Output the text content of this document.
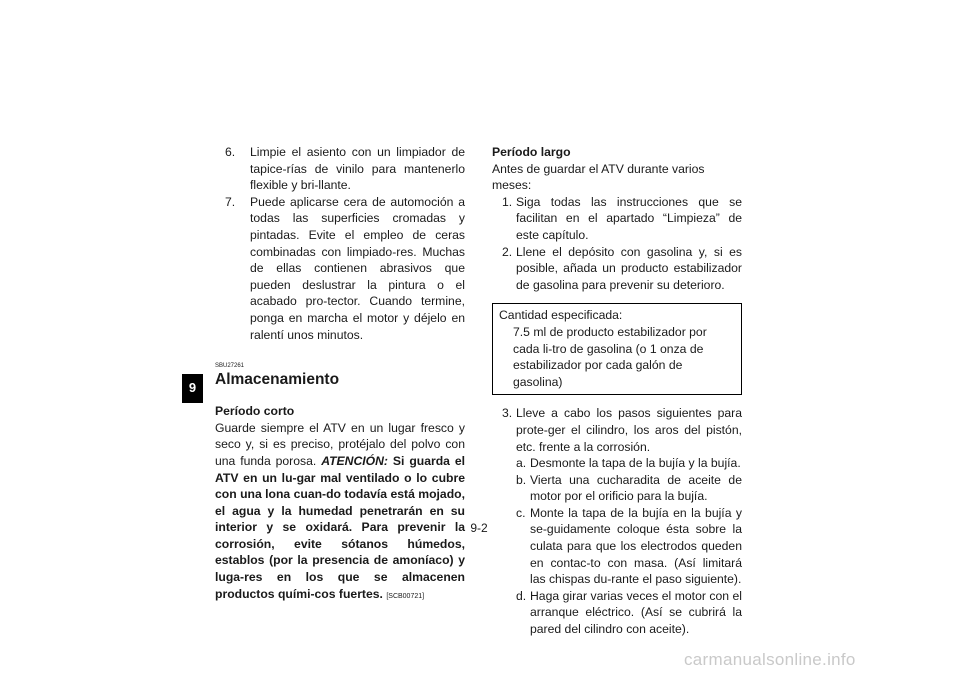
9
6.	Limpie el asiento con un limpiador de tapice-rías de vinilo para mantenerlo flexible y bri-llante.
7.	Puede aplicarse cera de automoción a todas las superficies cromadas y pintadas. Evite el empleo de ceras combinadas con limpiado-res. Muchas de ellas contienen abrasivos que pueden deslustrar la pintura o el acabado pro-tector. Cuando termine, ponga en marcha el motor y déjelo en ralentí unos minutos.
SBU27261
Almacenamiento

Período corto

Guarde siempre el ATV en un lugar fresco y seco y, si es preciso, protéjalo del polvo con una funda porosa. ATENCIÓN: Si guarda el ATV en un lu-gar mal ventilado o lo cubre con una lona cuan-do todavía está mojado, el agua y la humedad penetrarán en su interior y se oxidará. Para prevenir la corrosión, evite sótanos húmedos, establos (por la presencia de amoníaco) y luga-res en los que se almacenen productos quími-cos fuertes. [SCB00721]

Período largo

Antes de guardar el ATV durante varios meses:

1. Siga todas las instrucciones que se facilitan en el apartado “Limpieza” de este capítulo.
2. Llene el depósito con gasolina y, si es posible, añada un producto estabilizador de gasolina para prevenir su deterioro.

Cantidad especificada:

7.5 ml de producto estabilizador por cada li-tro de gasolina (o 1 onza de estabilizador por cada galón de gasolina)

3. Lleve a cabo los pasos siguientes para prote-ger el cilindro, los aros del pistón, etc. frente a la corrosión.
a. Desmonte la tapa de la bujía y la bujía.
b. Vierta una cucharadita de aceite de motor por el orificio para la bujía.
c. Monte la tapa de la bujía en la bujía y se-guidamente coloque ésta sobre la culata para que los electrodos queden en contac-to con masa. (Así limitará las chispas du-rante el paso siguiente).
d. Haga girar varias veces el motor con el arranque eléctrico. (Así se cubrirá la pared del cilindro con aceite).
9-2
carmanualsonline.info
